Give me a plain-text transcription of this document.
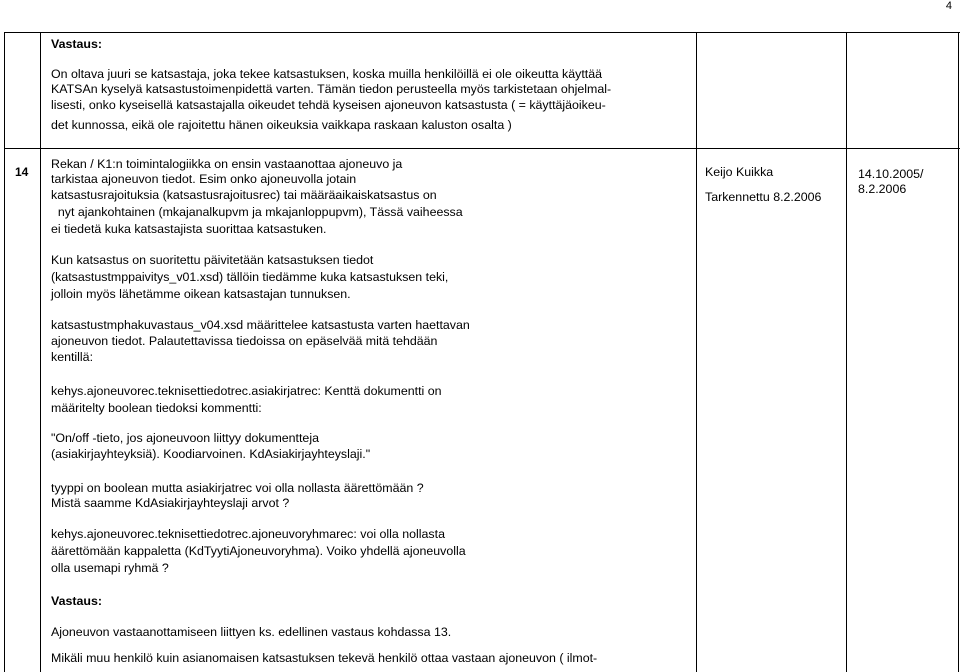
4
Vastaus:
On oltava juuri se katsastaja, joka tekee katsastuksen, koska muilla henkilöillä ei ole oikeutta käyttää
KATSAn kyselyä katsastustoimenpidettä varten. Tämän tiedon perusteella myös tarkistetaan ohjelmal-
lisesti, onko kyseisellä katsastajalla oikeudet tehdä kyseisen ajoneuvon katsastusta ( = käyttäjäoikeu-
det kunnossa, eikä ole rajoitettu hänen oikeuksia vaikkapa raskaan kaluston osalta )
14
Rekan / K1:n toimintalogiikka on ensin vastaanottaa ajoneuvo ja
tarkistaa ajoneuvon tiedot. Esim onko ajoneuvolla jotain
katsastusrajoituksia (katsastusrajoitusrec) tai määräaikaiskatsastus on
nyt ajankohtainen (mkajanalkupvm ja mkajanloppupvm), Tässä vaiheessa
ei tiedetä kuka katsastajista suorittaa katsastuken.
Kun katsastus on suoritettu päivitetään katsastuksen tiedot
(katsastustmppaivitys_v01.xsd) tällöin tiedämme kuka katsastuksen teki,
jolloin myös lähetämme oikean katsastajan tunnuksen.
katsastustmphakuvastaus_v04.xsd määrittelee katsastusta varten haettavan
ajoneuvon tiedot. Palautettavissa tiedoissa on epäselvää mitä tehdään
kentillä:
kehys.ajoneuvorec.teknisettiedotrec.asiakirjatrec: Kenttä dokumentti on
määritelty boolean tiedoksi kommentti:
"On/off -tieto, jos ajoneuvoon liittyy dokumentteja
(asiakirjayhteyksiä). Koodiarvoinen. KdAsiakirjayhteyslaji."
tyyppi on boolean mutta asiakirjatrec voi olla nollasta äärettömään ?
Mistä saamme KdAsiakirjayhteyslaji arvot ?
kehys.ajoneuvorec.teknisettiedotrec.ajoneuvoryhmarec: voi olla nollasta
äärettömään kappaletta (KdTyytiAjoneuvoryhma). Voiko yhdellä ajoneuvolla
olla usemapi ryhmä ?
Vastaus:
Ajoneuvon vastaanottamiseen liittyen ks. edellinen vastaus kohdassa 13.
Mikäli muu henkilö kuin asianomaisen katsastuksen tekevä henkilö ottaa vastaan ajoneuvon ( ilmot-
Keijo Kuikka
Tarkennettu 8.2.2006
14.10.2005/
8.2.2006
